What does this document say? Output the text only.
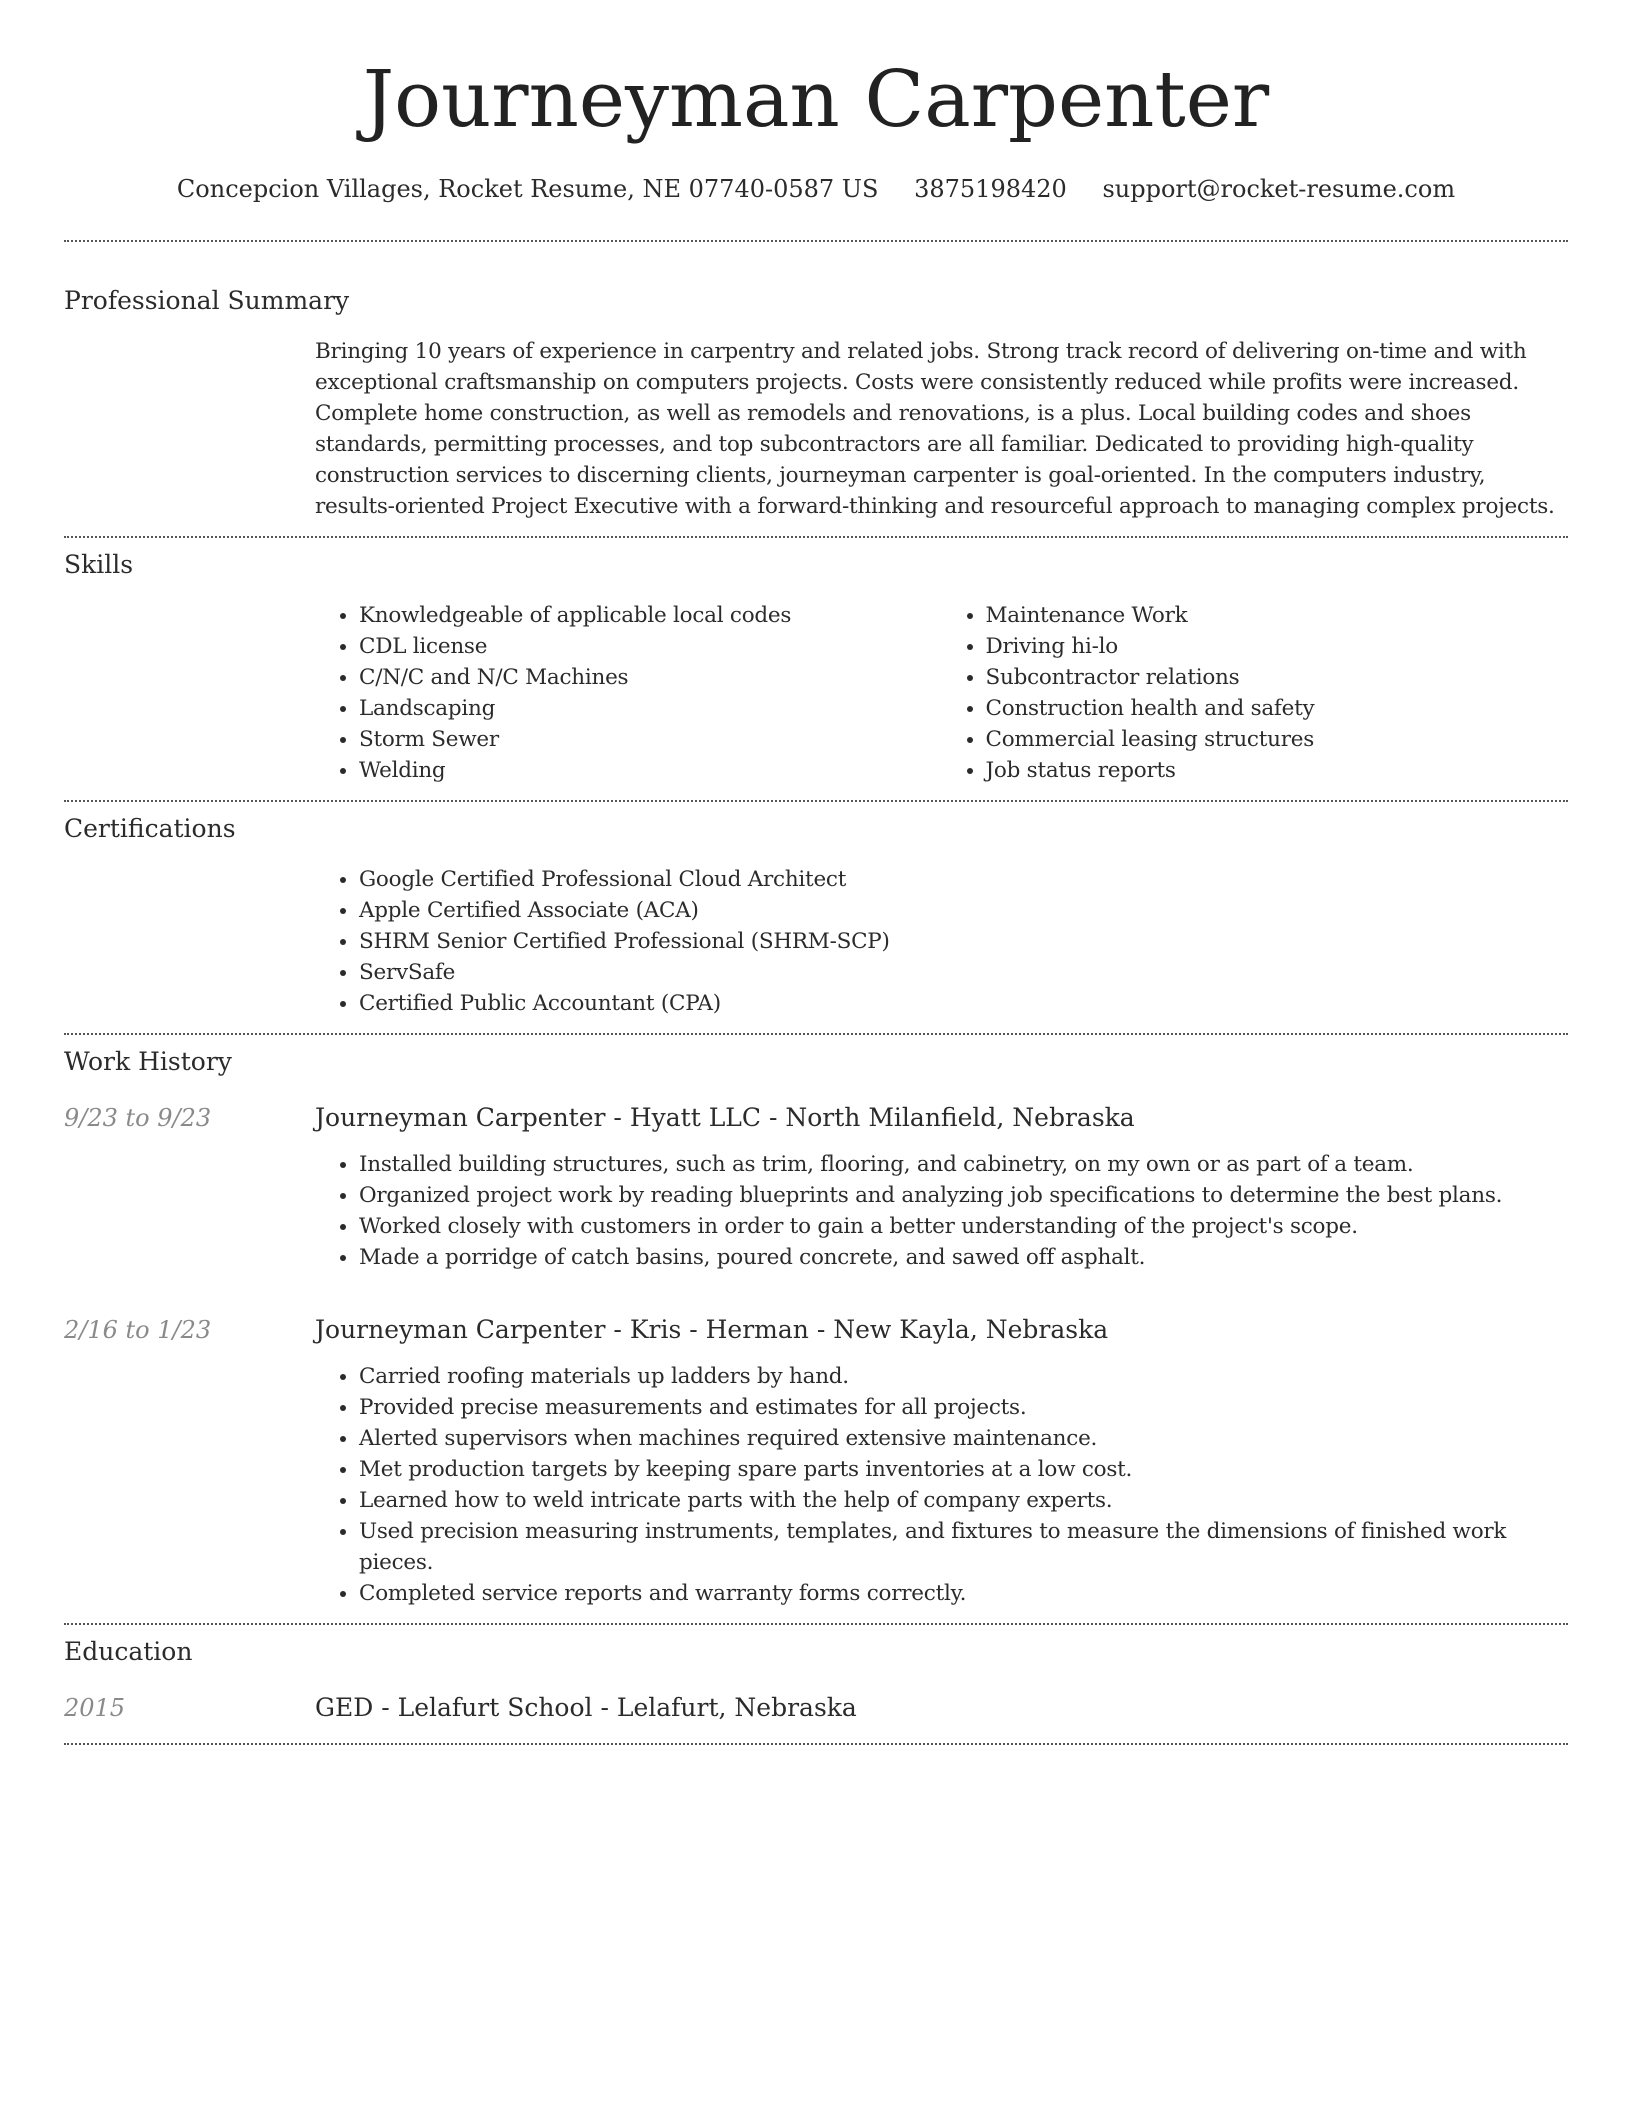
Journeyman Carpenter
Concepcion Villages, Rocket Resume, NE 07740-0587 US 3875198420 support@rocket-resume.com
Professional Summary

Bringing 10 years of experience in carpentry and related jobs. Strong track record of delivering on-time and with exceptional craftsmanship on computers projects. Costs were consistently reduced while profits were increased. Complete home construction, as well as remodels and renovations, is a plus. Local building codes and shoes standards, permitting processes, and top subcontractors are all familiar. Dedicated to providing high-quality construction services to discerning clients, journeyman carpenter is goal-oriented. In the computers industry, results-oriented Project Executive with a forward-thinking and resourceful approach to managing complex projects.

Skills
• Knowledgeable of applicable local codes
• CDL license
• C/N/C and N/C Machines
• Landscaping
• Storm Sewer
• Welding
• Maintenance Work
• Driving hi-lo
• Subcontractor relations
• Construction health and safety
• Commercial leasing structures
• Job status reports
Certifications
• Google Certified Professional Cloud Architect
• Apple Certified Associate (ACA)
• SHRM Senior Certified Professional (SHRM-SCP)
• ServSafe
• Certified Public Accountant (CPA)
Work History
9/23 to 9/23	Journeyman Carpenter - Hyatt LLC - North Milanfield, Nebraska
• Installed building structures, such as trim, flooring, and cabinetry, on my own or as part of a team.
• Organized project work by reading blueprints and analyzing job specifications to determine the best plans.
• Worked closely with customers in order to gain a better understanding of the project's scope.
• Made a porridge of catch basins, poured concrete, and sawed off asphalt.
2/16 to 1/23	Journeyman Carpenter - Kris - Herman - New Kayla, Nebraska
• Carried roofing materials up ladders by hand.
• Provided precise measurements and estimates for all projects.
• Alerted supervisors when machines required extensive maintenance.
• Met production targets by keeping spare parts inventories at a low cost.
• Learned how to weld intricate parts with the help of company experts.
• Used precision measuring instruments, templates, and fixtures to measure the dimensions of finished work pieces.
• Completed service reports and warranty forms correctly.
Education
2015	GED - Lelafurt School - Lelafurt, Nebraska
